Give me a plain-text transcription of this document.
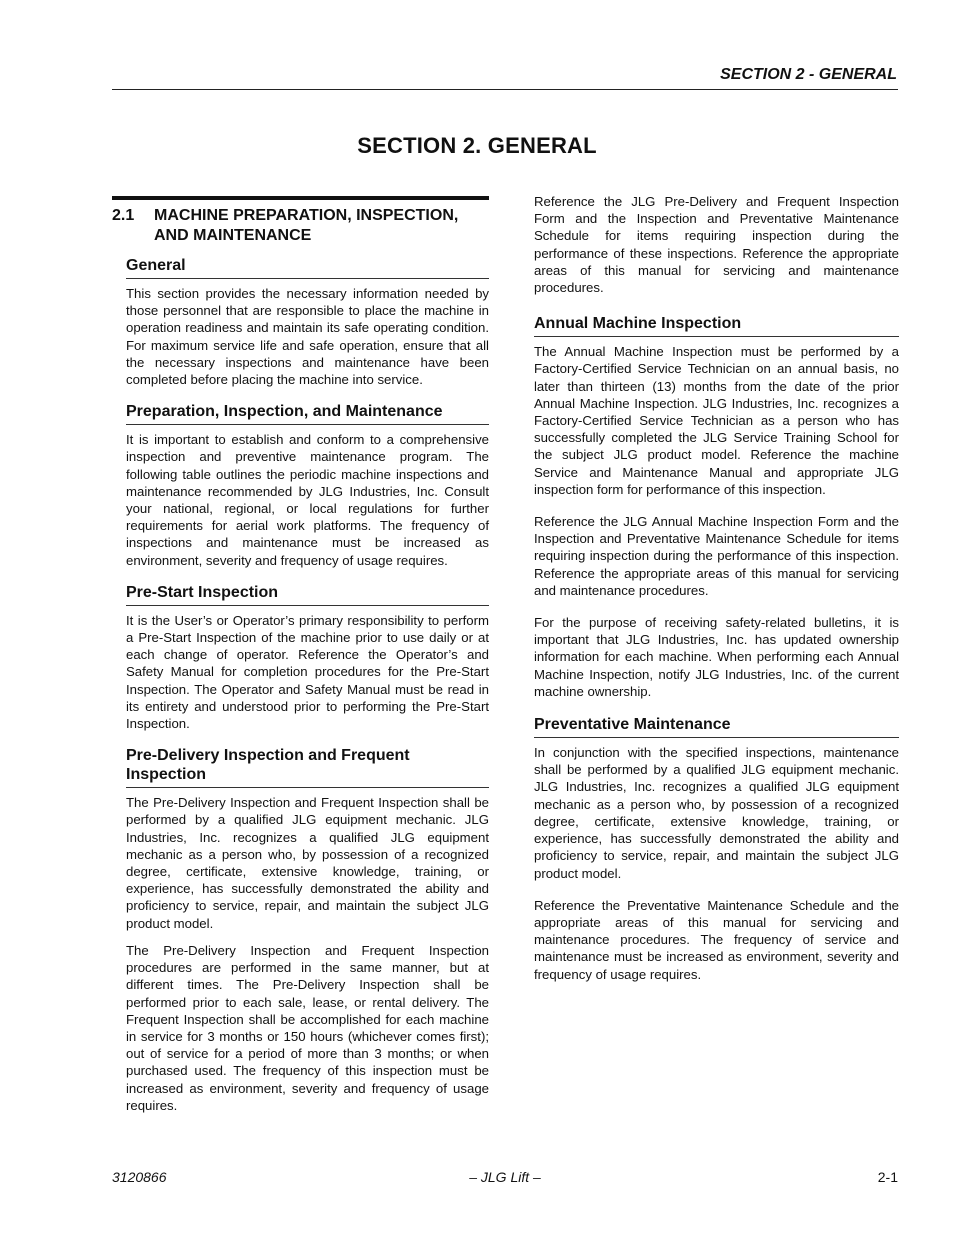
SECTION 2 - GENERAL
SECTION 2. GENERAL
2.1	MACHINE PREPARATION, INSPECTION, AND MAINTENANCE
General

This section provides the necessary information needed by those personnel that are responsible to place the machine in operation readiness and maintain its safe operating condition. For maximum service life and safe operation, ensure that all the necessary inspections and maintenance have been completed before placing the machine into service.

Preparation, Inspection, and Maintenance

It is important to establish and conform to a comprehensive inspection and preventive maintenance program. The following table outlines the periodic machine inspections and maintenance recommended by JLG Industries, Inc. Consult your national, regional, or local regulations for further requirements for aerial work platforms. The frequency of inspections and maintenance must be increased as environment, severity and frequency of usage requires.

Pre-Start Inspection

It is the User’s or Operator’s primary responsibility to perform a Pre-Start Inspection of the machine prior to use daily or at each change of operator. Reference the Operator’s and Safety Manual for completion procedures for the Pre-Start Inspection. The Operator and Safety Manual must be read in its entirety and understood prior to performing the Pre-Start Inspection.

Pre-Delivery Inspection and Frequent Inspection

The Pre-Delivery Inspection and Frequent Inspection shall be performed by a qualified JLG equipment mechanic. JLG Industries, Inc. recognizes a qualified JLG equipment mechanic as a person who, by possession of a recognized degree, certificate, extensive knowledge, training, or experience, has successfully demonstrated the ability and proficiency to service, repair, and maintain the subject JLG product model.

The Pre-Delivery Inspection and Frequent Inspection procedures are performed in the same manner, but at different times. The Pre-Delivery Inspection shall be performed prior to each sale, lease, or rental delivery. The Frequent Inspection shall be accomplished for each machine in service for 3 months or 150 hours (whichever comes first); out of service for a period of more than 3 months; or when purchased used. The frequency of this inspection must be increased as environment, severity and frequency of usage requires.

Reference the JLG Pre-Delivery and Frequent Inspection Form and the Inspection and Preventative Maintenance Schedule for items requiring inspection during the performance of these inspections. Reference the appropriate areas of this manual for servicing and maintenance procedures.

Annual Machine Inspection

The Annual Machine Inspection must be performed by a Factory-Certified Service Technician on an annual basis, no later than thirteen (13) months from the date of the prior Annual Machine Inspection. JLG Industries, Inc. recognizes a Factory-Certified Service Technician as a person who has successfully completed the JLG Service Training School for the subject JLG product model. Reference the machine Service and Maintenance Manual and appropriate JLG inspection form for performance of this inspection.

Reference the JLG Annual Machine Inspection Form and the Inspection and Preventative Maintenance Schedule for items requiring inspection during the performance of this inspection. Reference the appropriate areas of this manual for servicing and maintenance procedures.

For the purpose of receiving safety-related bulletins, it is important that JLG Industries, Inc. has updated ownership information for each machine. When performing each Annual Machine Inspection, notify JLG Industries, Inc. of the current machine ownership.

Preventative Maintenance

In conjunction with the specified inspections, maintenance shall be performed by a qualified JLG equipment mechanic. JLG Industries, Inc. recognizes a qualified JLG equipment mechanic as a person who, by possession of a recognized degree, certificate, extensive knowledge, training, or experience, has successfully demonstrated the ability and proficiency to service, repair, and maintain the subject JLG product model.

Reference the Preventative Maintenance Schedule and the appropriate areas of this manual for servicing and maintenance procedures. The frequency of service and maintenance must be increased as environment, severity and frequency of usage requires.

3120866	– JLG Lift –	2-1
